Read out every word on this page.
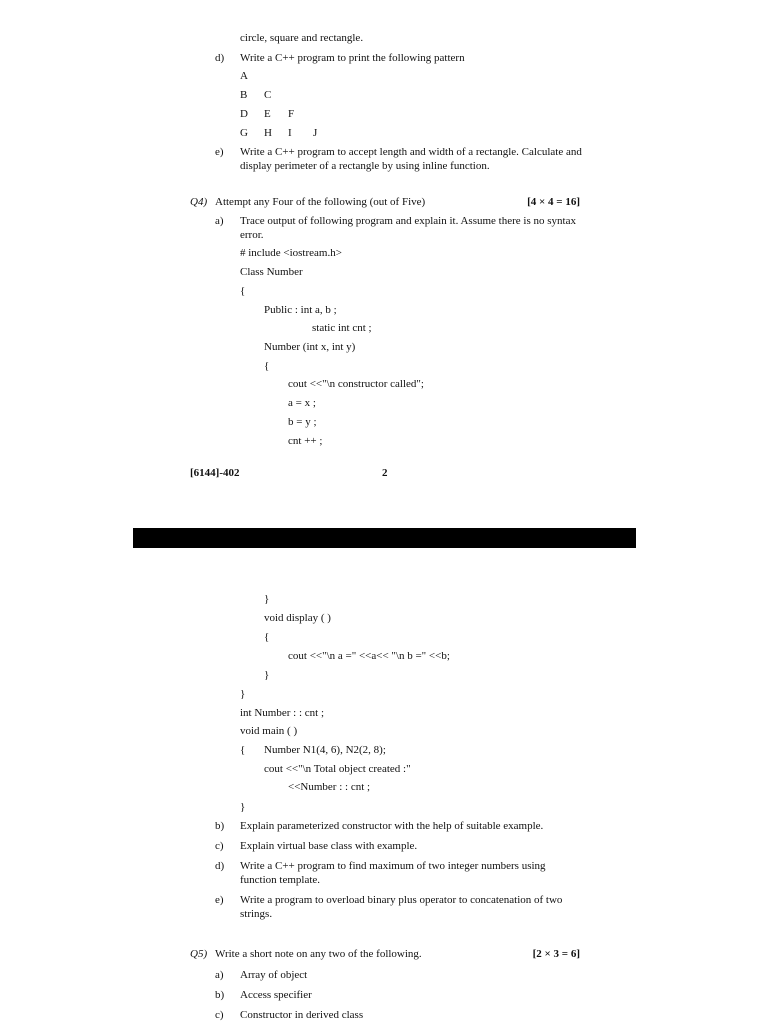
circle, square and rectangle.
d) Write a C++ program to print the following pattern
A
B C
D E F
G H I J
e) Write a C++ program to accept length and width of a rectangle. Calculate and display perimeter of a rectangle by using inline function.
Q4) Attempt any Four of the following (out of Five)	[4 × 4 = 16]
a) Trace output of following program and explain it. Assume there is no syntax error.
# include <iostream.h>
Class Number
{
Public : int a, b ;
static int cnt ;
Number (int x, int y)
{
cout <<"\n constructor called";
a = x ;
b = y ;
cnt ++ ;
[6144]-402	2
}
void display ( )
{
cout <<"\n a =" <<a<< "\n b =" <<b;
}
}
int Number : : cnt ;
void main ( )
{ Number N1(4, 6), N2(2, 8);
cout <<"\n Total object created :"
<<Number : : cnt ;
}
b) Explain parameterized constructor with the help of suitable example.
c) Explain virtual base class with example.
d) Write a C++ program to find maximum of two integer numbers using function template.
e) Write a program to overload binary plus operator to concatenation of two strings.
Q5) Write a short note on any two of the following.	[2 × 3 = 6]
a) Array of object
b) Access specifier
c) Constructor in derived class
